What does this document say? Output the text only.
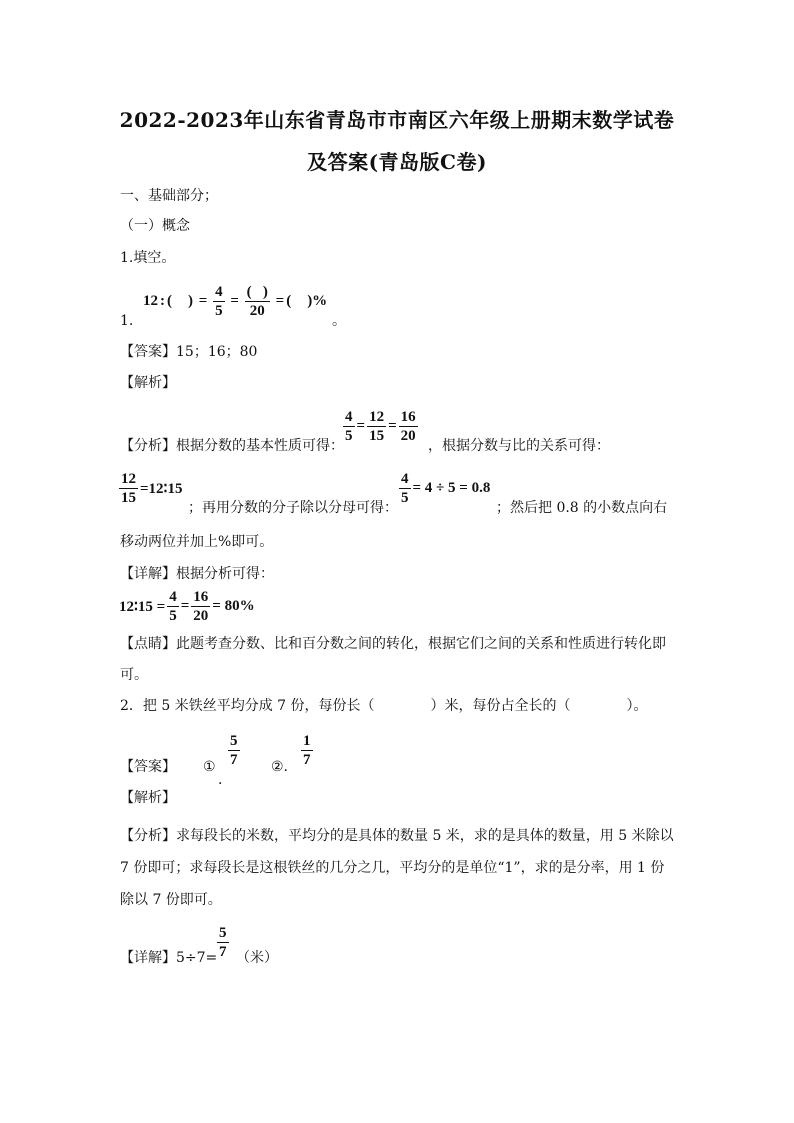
2022-2023年山东省青岛市市南区六年级上册期末数学试卷
及答案(青岛版C卷)
一、基础部分；
（一）概念
1.填空。
1.
12 : ( ) = $\frac{4}{5} = \frac{( )}{20}$ = ( )%
。
【答案】15；16；80
【解析】
【分析】根据分数的基本性质可得：
$\frac{4}{5} = \frac{12}{15} = \frac{16}{20}$
，根据分数与比的关系可得：
$\frac{12}{15}$ =12∶15
；再用分数的分子除以分母可得：
$\frac{4}{5} = 4 \div 5 = 0.8$
；然后把 0.8 的小数点向右
移动两位并加上%即可。
【详解】根据分析可得：
12∶15 = $\frac{4}{5} = \frac{16}{20} = 80\%$
【点睛】此题考查分数、比和百分数之间的转化，根据它们之间的关系和性质进行转化即
可。
2．把 5 米铁丝平均分成 7 份，每份长（　　　　）米，每份占全长的（　　　　）。
【答案】 ① $\frac{5}{7}$
.
②. $\frac{1}{7}$
【解析】
【分析】求每段长的米数，平均分的是具体的数量 5 米，求的是具体的数量，用 5 米除以
7 份即可；求每段长是这根铁丝的几分之几，平均分的是单位“1”，求的是分率，用 1 份
除以 7 份即可。
【详解】$5\div 7= \frac{5}{7}$ （米）
